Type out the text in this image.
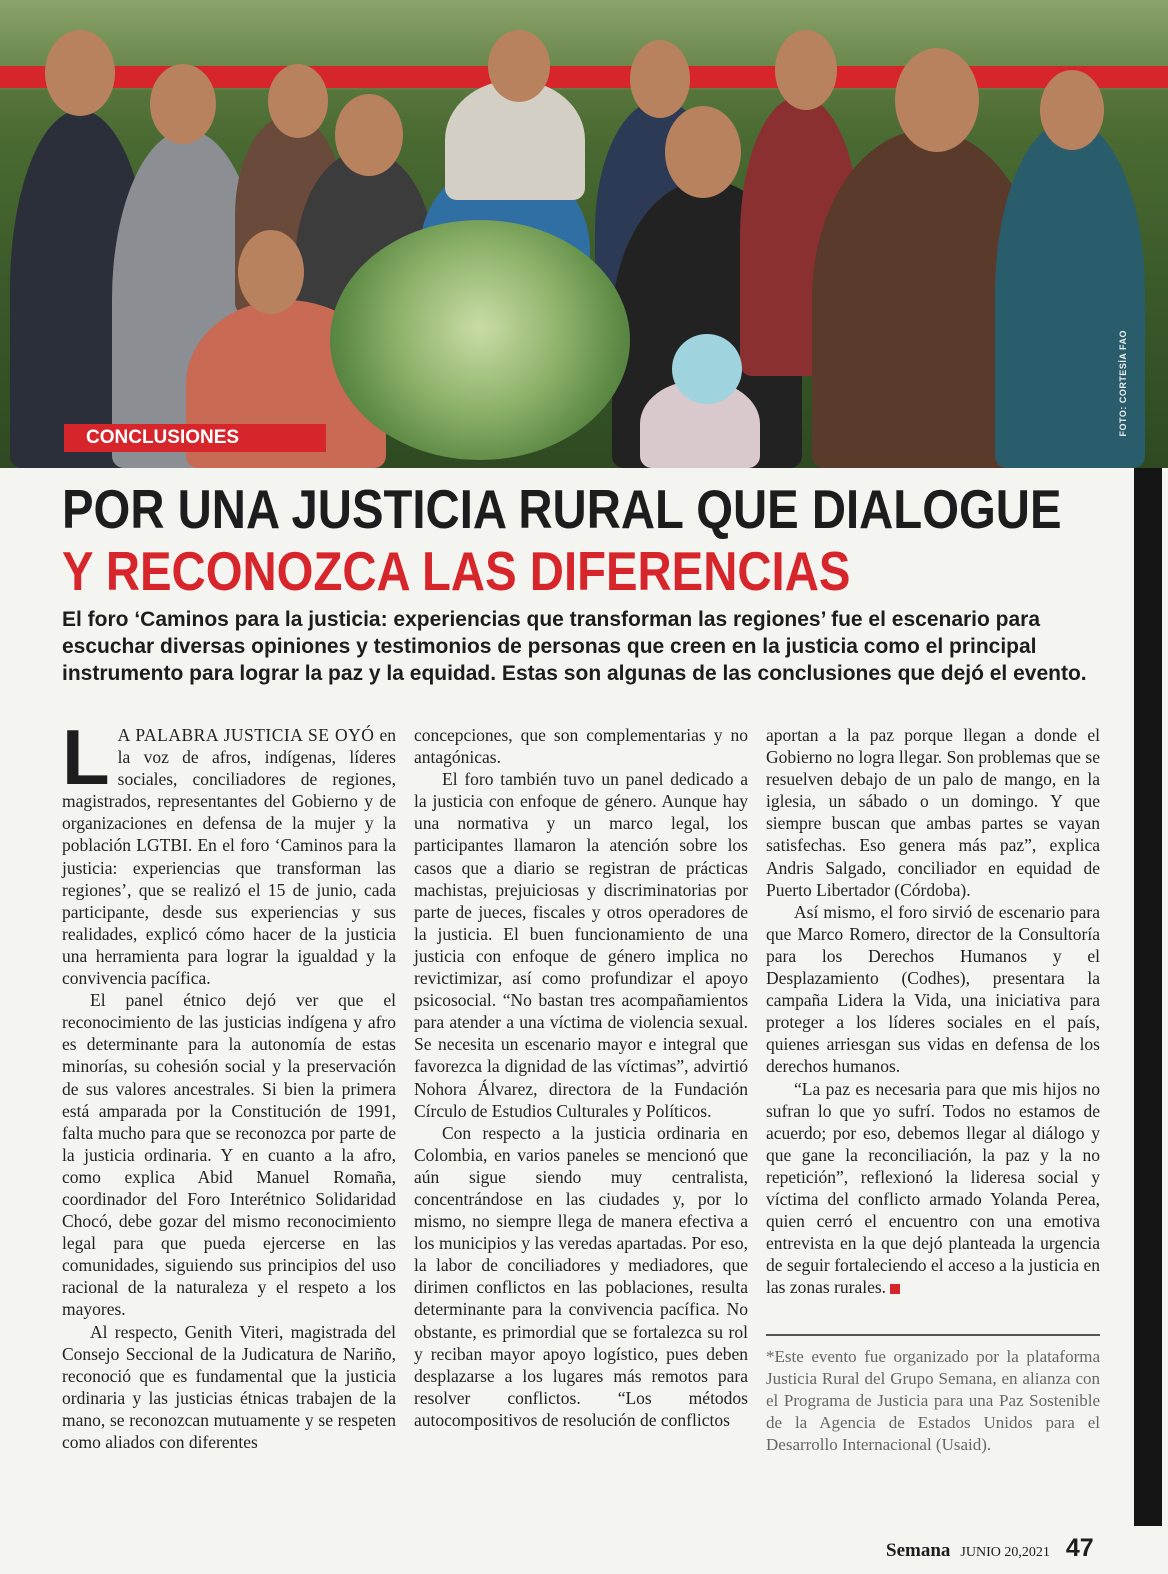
FOTO: CORTESÍA FAO
CONCLUSIONES
POR UNA JUSTICIA RURAL QUE DIALOGUE
Y RECONOZCA LAS DIFERENCIAS
El foro ‘Caminos para la justicia: experiencias que transforman las regiones’ fue el escenario para escuchar diversas opiniones y testimonios de personas que creen en la justicia como el principal instrumento para lograr la paz y la equidad. Estas son algunas de las conclusiones que dejó el evento.

L A PALABRA JUSTICIA SE OYÓ en la voz de afros, indígenas, líderes sociales, conciliadores de regiones, magistrados, representantes del Gobierno y de organizaciones en defensa de la mujer y la población LGTBI. En el foro ‘Caminos para la justicia: experiencias que transforman las regiones’, que se realizó el 15 de junio, cada participante, desde sus experiencias y sus realidades, explicó cómo hacer de la justicia una herramienta para lograr la igualdad y la convivencia pacífica.

El panel étnico dejó ver que el reconocimiento de las justicias indígena y afro es determinante para la autonomía de estas minorías, su cohesión social y la preservación de sus valores ancestrales. Si bien la primera está amparada por la Constitución de 1991, falta mucho para que se reconozca por parte de la justicia ordinaria. Y en cuanto a la afro, como explica Abid Manuel Romaña, coordinador del Foro Interétnico Solidaridad Chocó, debe gozar del mismo reconocimiento legal para que pueda ejercerse en las comunidades, siguiendo sus principios del uso racional de la naturaleza y el respeto a los mayores.

Al respecto, Genith Viteri, magistrada del Consejo Seccional de la Judicatura de Nariño, reconoció que es fundamental que la justicia ordinaria y las justicias étnicas trabajen de la mano, se reconozcan mutuamente y se respeten como aliados con diferentes

concepciones, que son complementarias y no antagónicas.

El foro también tuvo un panel dedicado a la justicia con enfoque de género. Aunque hay una normativa y un marco legal, los participantes llamaron la atención sobre los casos que a diario se registran de prácticas machistas, prejuiciosas y discriminatorias por parte de jueces, fiscales y otros operadores de la justicia. El buen funcionamiento de una justicia con enfoque de género implica no revictimizar, así como profundizar el apoyo psicosocial. “No bastan tres acompañamientos para atender a una víctima de violencia sexual. Se necesita un escenario mayor e integral que favorezca la dignidad de las víctimas”, advirtió Nohora Álvarez, directora de la Fundación Círculo de Estudios Culturales y Políticos.

Con respecto a la justicia ordinaria en Colombia, en varios paneles se mencionó que aún sigue siendo muy centralista, concentrándose en las ciudades y, por lo mismo, no siempre llega de manera efectiva a los municipios y las veredas apartadas. Por eso, la labor de conciliadores y mediadores, que dirimen conflictos en las poblaciones, resulta determinante para la convivencia pacífica. No obstante, es primordial que se fortalezca su rol y reciban mayor apoyo logístico, pues deben desplazarse a los lugares más remotos para resolver conflictos. “Los métodos autocompositivos de resolución de conflictos

aportan a la paz porque llegan a donde el Gobierno no logra llegar. Son problemas que se resuelven debajo de un palo de mango, en la iglesia, un sábado o un domingo. Y que siempre buscan que ambas partes se vayan satisfechas. Eso genera más paz”, explica Andris Salgado, conciliador en equidad de Puerto Libertador (Córdoba).

Así mismo, el foro sirvió de escenario para que Marco Romero, director de la Consultoría para los Derechos Humanos y el Desplazamiento (Codhes), presentara la campaña Lidera la Vida, una iniciativa para proteger a los líderes sociales en el país, quienes arriesgan sus vidas en defensa de los derechos humanos.

“La paz es necesaria para que mis hijos no sufran lo que yo sufrí. Todos no estamos de acuerdo; por eso, debemos llegar al diálogo y que gane la reconciliación, la paz y la no repetición”, reflexionó la lideresa social y víctima del conflicto armado Yolanda Perea, quien cerró el encuentro con una emotiva entrevista en la que dejó planteada la urgencia de seguir fortaleciendo el acceso a la justicia en las zonas rurales.

*Este evento fue organizado por la plataforma Justicia Rural del Grupo Semana, en alianza con el Programa de Justicia para una Paz Sostenible de la Agencia de Estados Unidos para el Desarrollo Internacional (Usaid).
Semana JUNIO 20,2021 47
